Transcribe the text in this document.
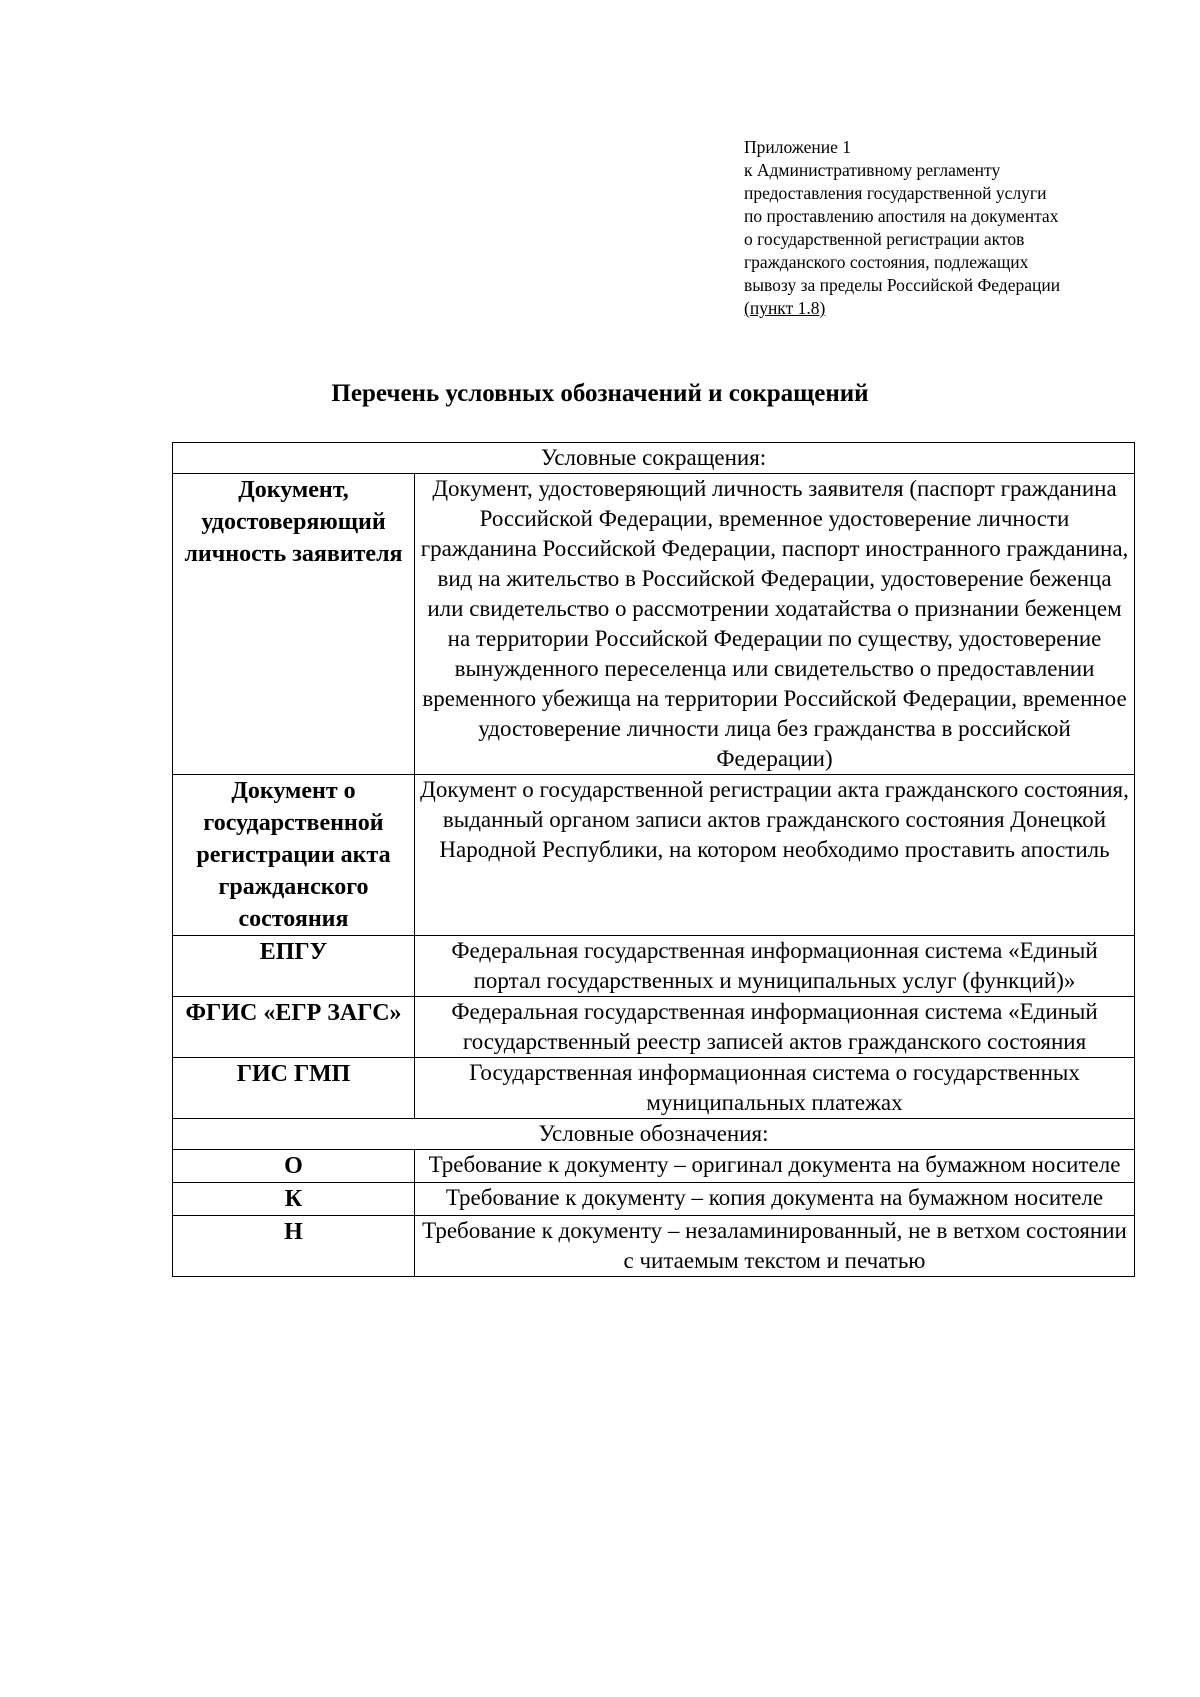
Приложение 1
к Административному регламенту
предоставления государственной услуги
по проставлению апостиля на документах
о государственной регистрации актов
гражданского состояния, подлежащих
вывозу за пределы Российской Федерации
(пункт 1.8)
Перечень условных обозначений и сокращений
Условные сокращения:	
Документ, удостоверяющий личность заявителя	Документ, удостоверяющий личность заявителя (паспорт гражданина Российской Федерации, временное удостоверение личности гражданина Российской Федерации, паспорт иностранного гражданина, вид на жительство в Российской Федерации, удостоверение беженца или свидетельство о рассмотрении ходатайства о признании беженцем на территории Российской Федерации по существу, удостоверение вынужденного переселенца или свидетельство о предоставлении временного убежища на территории Российской Федерации, временное удостоверение личности лица без гражданства в российской Федерации)
Документ о государственной регистрации акта гражданского состояния	Документ о государственной регистрации акта гражданского состояния, выданный органом записи актов гражданского состояния Донецкой Народной Республики, на котором необходимо проставить апостиль
ЕПГУ	Федеральная государственная информационная система «Единый портал государственных и муниципальных услуг (функций)»
ФГИС «ЕГР ЗАГС»	Федеральная государственная информационная система «Единый государственный реестр записей актов гражданского состояния
ГИС ГМП	Государственная информационная система о государственных муниципальных платежах
Условные обозначения:	
О	Требование к документу – оригинал документа на бумажном носителе
К	Требование к документу – копия документа на бумажном носителе
Н	Требование к документу – незаламинированный, не в ветхом состоянии с читаемым текстом и печатью
